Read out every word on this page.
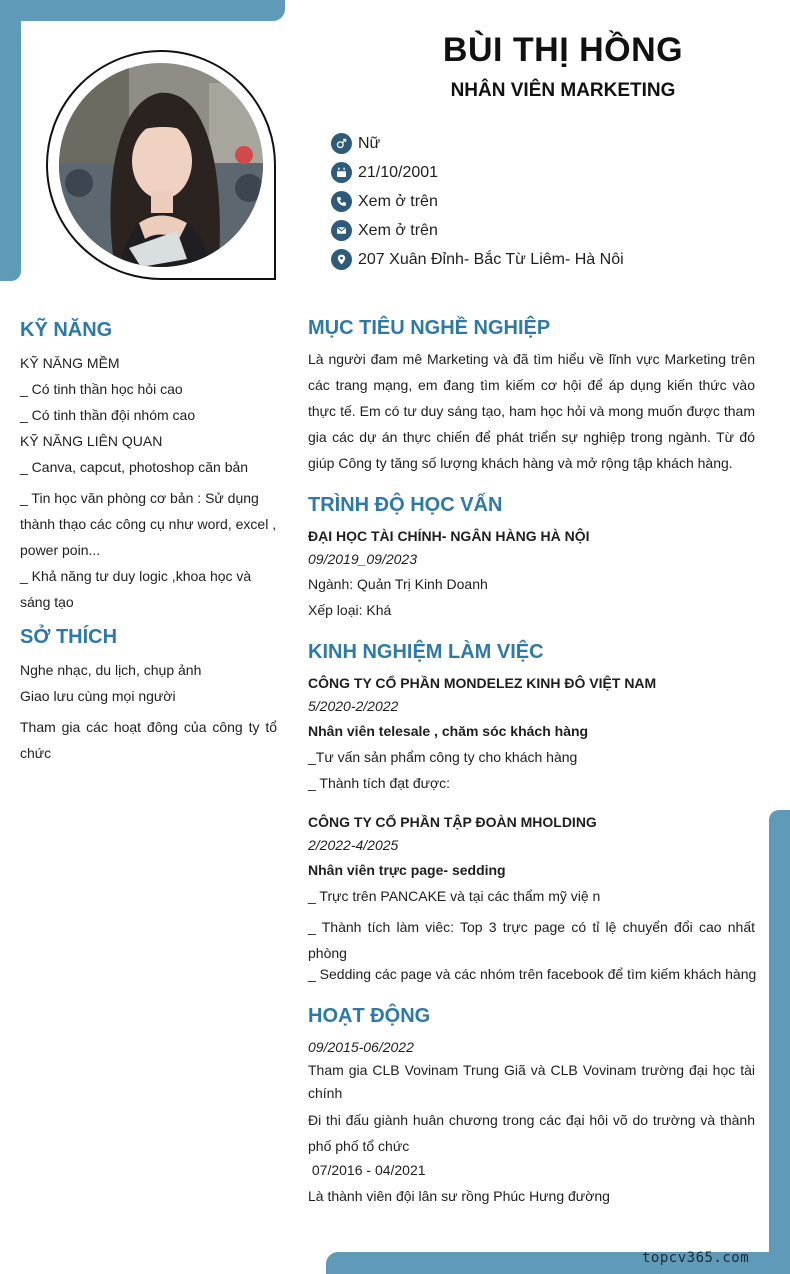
BÙI THỊ HỒNG
NHÂN VIÊN MARKETING
Nữ
21/10/2001
Xem ở trên
Xem ở trên
207 Xuân Đỉnh- Bắc Từ Liêm- Hà Nôi
KỸ NĂNG
KỸ NĂNG MỀM
_ Có tinh thần học hỏi cao
_ Có tinh thần đội nhóm cao
KỸ NĂNG LIÊN QUAN
_ Canva, capcut, photoshop căn bản
_ Tin học văn phòng cơ bản : Sử dụng thành thạo các công cụ như word, excel , power poin...
_ Khả năng tư duy logic ,khoa học và sáng tạo
SỞ THÍCH
Nghe nhạc, du lịch, chụp ảnh
Giao lưu cùng mọi người
Tham gia các hoạt đông của công ty tổ chức
MỤC TIÊU NGHỀ NGHIỆP
Là người đam mê Marketing và đã tìm hiểu về lĩnh vực Marketing trên các trang mạng, em đang tìm kiếm cơ hội để áp dụng kiến thức vào thực tế. Em có tư duy sáng tạo, ham học hỏi và mong muốn được tham gia các dự án thực chiến để phát triển sự nghiệp trong ngành. Từ đó giúp Công ty tăng số lượng khách hàng và mở rộng tập khách hàng.
TRÌNH ĐỘ HỌC VẤN
ĐẠI HỌC TÀI CHÍNH- NGÂN HÀNG HÀ NỘI
09/2019_09/2023
Ngành: Quản Trị Kinh Doanh
Xếp loại: Khá
KINH NGHIỆM LÀM VIỆC
CÔNG TY CỔ PHẦN MONDELEZ KINH ĐÔ VIỆT NAM
5/2020-2/2022
Nhân viên telesale , chăm sóc khách hàng
_Tư vấn sản phẩm công ty cho khách hàng
_ Thành tích đạt được:
CÔNG TY CỔ PHẦN TẬP ĐOÀN MHOLDING
2/2022-4/2025
Nhân viên trực page- sedding
_ Trực trên PANCAKE và tại các thẩm mỹ việ n
_ Thành tích làm viêc: Top 3 trực page có tỉ lệ chuyển đổi cao nhất phòng
_ Sedding các page và các nhóm trên facebook để tìm kiếm khách hàng
HOẠT ĐỘNG
09/2015-06/2022
Tham gia CLB Vovinam Trung Giã và CLB Vovinam trường đại học tài chính
Đi thi đấu giành huân chương trong các đại hôi võ do trường và thành phố phố tổ chức
07/2016 - 04/2021
Là thành viên đội lân sư rồng Phúc Hưng đường
topcv365.com
